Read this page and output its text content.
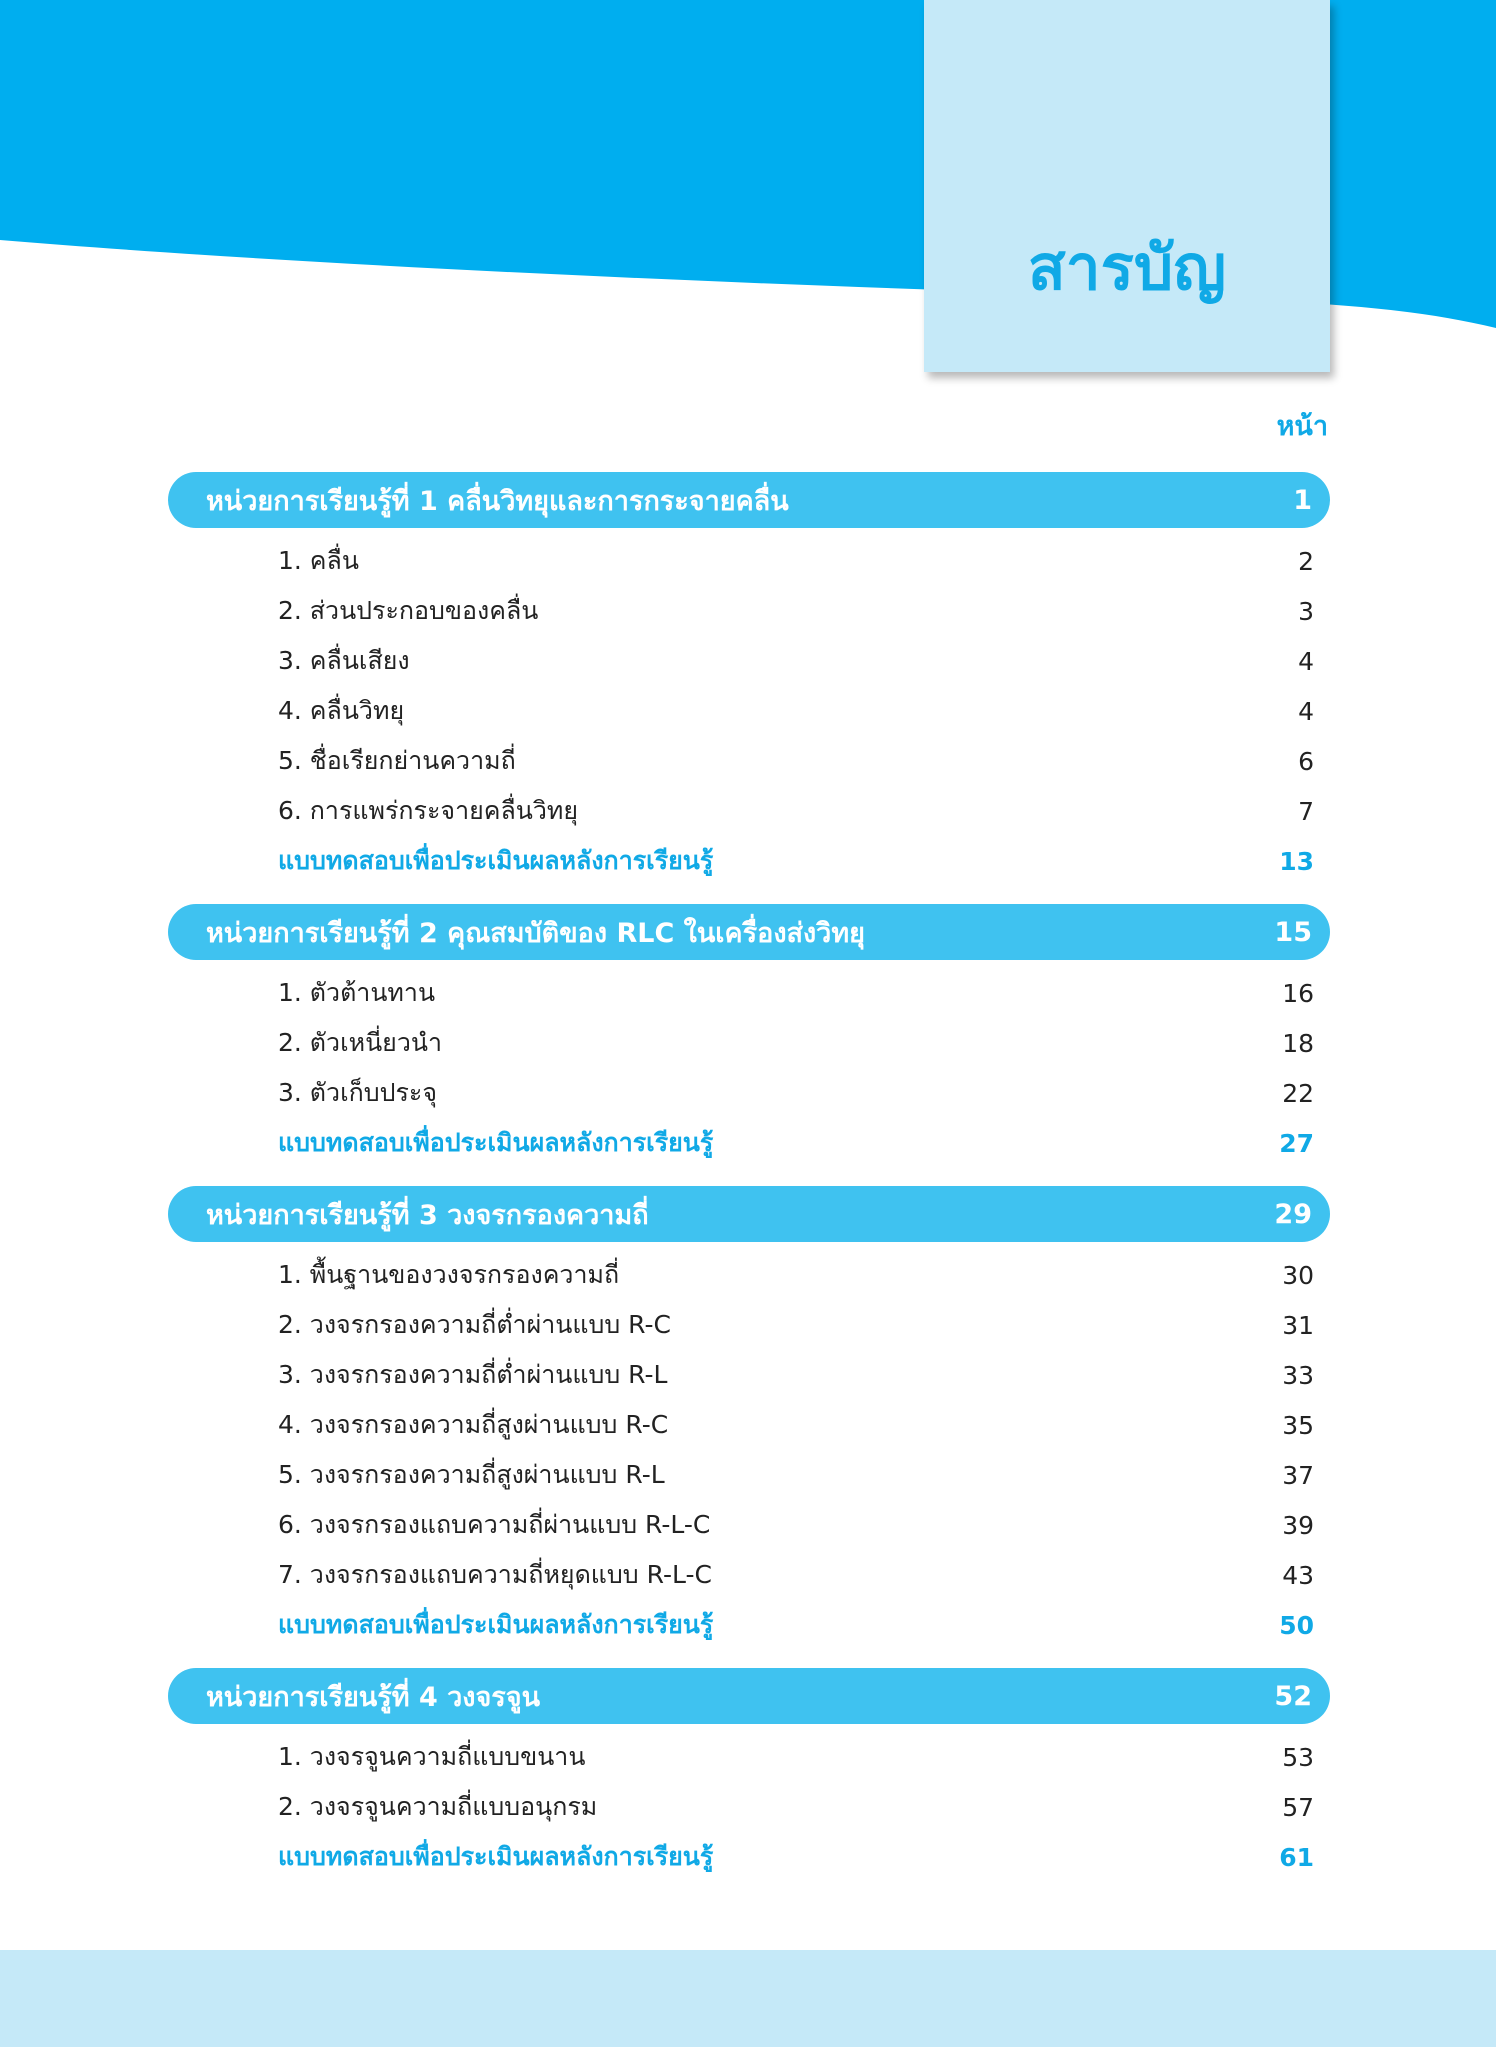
สารบัญ
หน้า
หน่วยการเรียนรู้ที่ 1 คลื่นวิทยุและการกระจายคลื่น	1
1. คลื่น	2
2. ส่วนประกอบของคลื่น	3
3. คลื่นเสียง	4
4. คลื่นวิทยุ	4
5. ชื่อเรียกย่านความถี่	6
6. การแพร่กระจายคลื่นวิทยุ	7
แบบทดสอบเพื่อประเมินผลหลังการเรียนรู้	13
หน่วยการเรียนรู้ที่ 2 คุณสมบัติของ RLC ในเครื่องส่งวิทยุ	15
1. ตัวต้านทาน	16
2. ตัวเหนี่ยวนำ	18
3. ตัวเก็บประจุ	22
แบบทดสอบเพื่อประเมินผลหลังการเรียนรู้	27
หน่วยการเรียนรู้ที่ 3 วงจรกรองความถี่	29
1. พื้นฐานของวงจรกรองความถี่	30
2. วงจรกรองความถี่ต่ำผ่านแบบ R-C	31
3. วงจรกรองความถี่ต่ำผ่านแบบ R-L	33
4. วงจรกรองความถี่สูงผ่านแบบ R-C	35
5. วงจรกรองความถี่สูงผ่านแบบ R-L	37
6. วงจรกรองแถบความถี่ผ่านแบบ R-L-C	39
7. วงจรกรองแถบความถี่หยุดแบบ R-L-C	43
แบบทดสอบเพื่อประเมินผลหลังการเรียนรู้	50
หน่วยการเรียนรู้ที่ 4 วงจรจูน	52
1. วงจรจูนความถี่แบบขนาน	53
2. วงจรจูนความถี่แบบอนุกรม	57
แบบทดสอบเพื่อประเมินผลหลังการเรียนรู้	61
